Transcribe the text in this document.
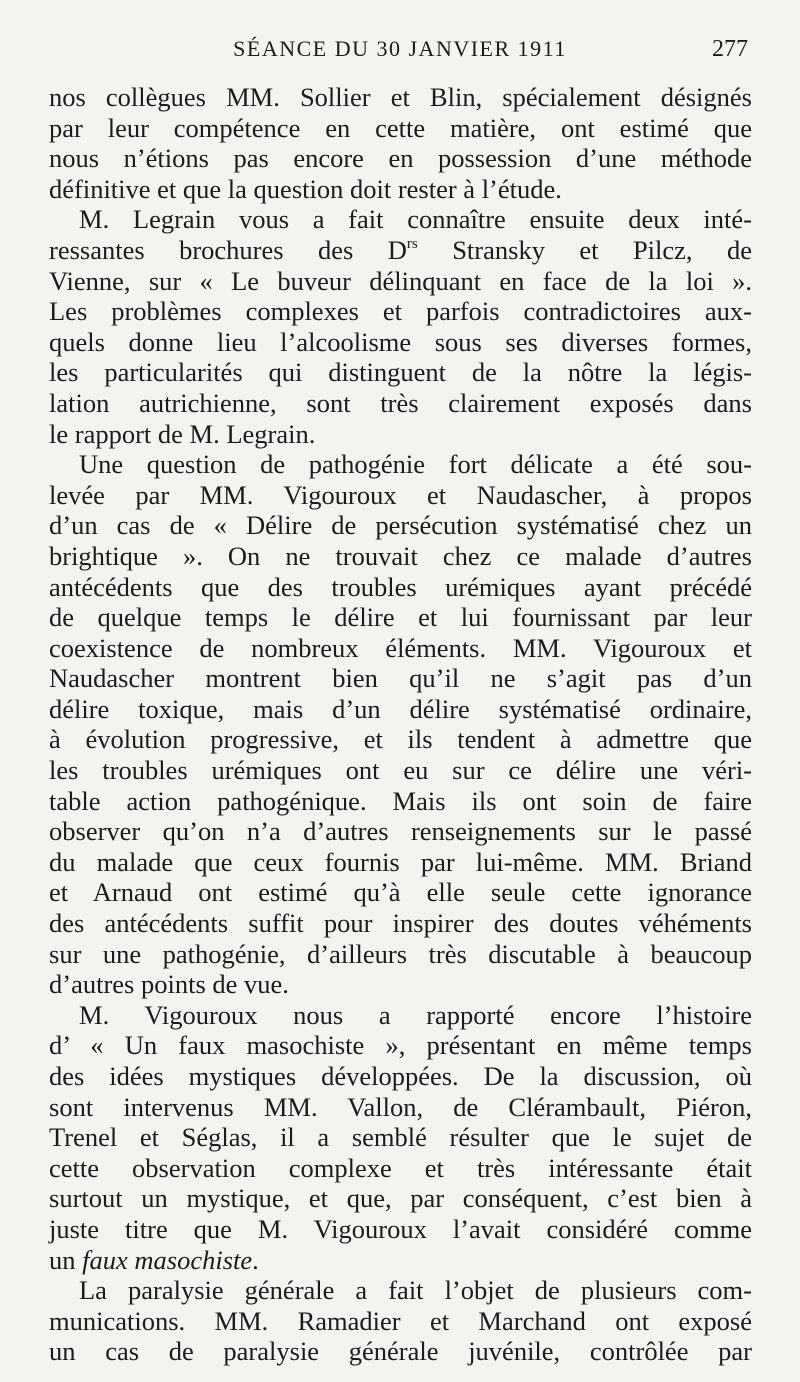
SÉANCE DU 30 JANVIER 1911	277
nos collègues MM. Sollier et Blin, spécialement désignés
par leur compétence en cette matière, ont estimé que
nous n’étions pas encore en possession d’une méthode
définitive et que la question doit rester à l’étude.
M. Legrain vous a fait connaître ensuite deux inté-
ressantes brochures des $D^{rs}$ Stransky et Pilcz, de
Vienne, sur « Le buveur délinquant en face de la loi ».
Les problèmes complexes et parfois contradictoires aux-
quels donne lieu l’alcoolisme sous ses diverses formes,
les particularités qui distinguent de la nôtre la légis-
lation autrichienne, sont très clairement exposés dans
le rapport de M. Legrain.
Une question de pathogénie fort délicate a été sou-
levée par MM. Vigouroux et Naudascher, à propos
d’un cas de « Délire de persécution systématisé chez un
brightique ». On ne trouvait chez ce malade d’autres
antécédents que des troubles urémiques ayant précédé
de quelque temps le délire et lui fournissant par leur
coexistence de nombreux éléments. MM. Vigouroux et
Naudascher montrent bien qu’il ne s’agit pas d’un
délire toxique, mais d’un délire systématisé ordinaire,
à évolution progressive, et ils tendent à admettre que
les troubles urémiques ont eu sur ce délire une véri-
table action pathogénique. Mais ils ont soin de faire
observer qu’on n’a d’autres renseignements sur le passé
du malade que ceux fournis par lui-même. MM. Briand
et Arnaud ont estimé qu’à elle seule cette ignorance
des antécédents suffit pour inspirer des doutes véhéments
sur une pathogénie, d’ailleurs très discutable à beaucoup
d’autres points de vue.
M. Vigouroux nous a rapporté encore l’histoire
d’ « Un faux masochiste », présentant en même temps
des idées mystiques développées. De la discussion, où
sont intervenus MM. Vallon, de Clérambault, Piéron,
Trenel et Séglas, il a semblé résulter que le sujet de
cette observation complexe et très intéressante était
surtout un mystique, et que, par conséquent, c’est bien à
juste titre que M. Vigouroux l’avait considéré comme
un faux masochiste.
La paralysie générale a fait l’objet de plusieurs com-
munications. MM. Ramadier et Marchand ont exposé
un cas de paralysie générale juvénile, contrôlée par
